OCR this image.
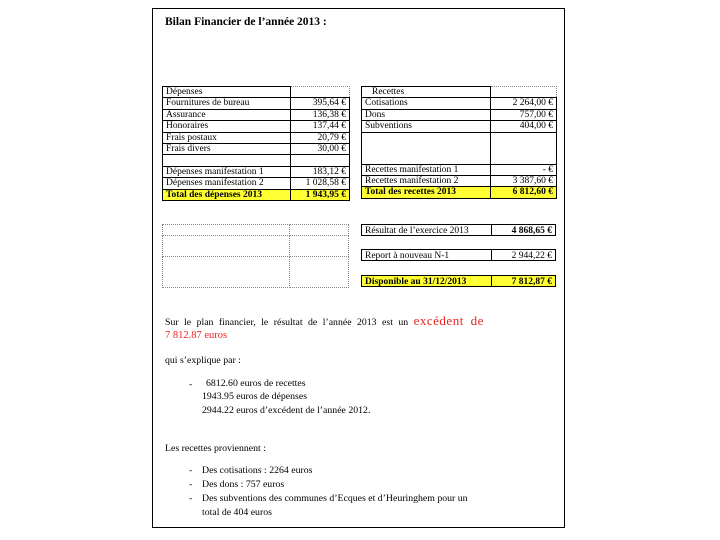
Bilan Financier de l’année 2013 :
Dépenses	
Fournitures de bureau	395,64 €
Assurance	136,38 €
Honoraires	137,44 €
Frais postaux	20,79 €
Frais divers	30,00 €

Dépenses manifestation 1	183,12 €
Dépenses manifestation 2	1 028,58 €
Total des dépenses 2013	1 943,95 €
Recettes	
Cotisations	2 264,00 €
Dons	757,00 €
Subventions	404,00 €

Recettes manifestation 1	- €
Recettes manifestation 2	3 387,60 €
Total des recettes 2013	6 812,60 €
Résultat de l’exercice 2013	4 868,65 €
Report à nouveau N-1	2 944,22 €
Disponible au 31/12/2013	7 812,87 €
Sur le plan financier, le résultat de l’année 2013 est un excédent de
7 812.87 euros
qui s’explique par :
- 6812.60 euros de recettes
1943.95 euros de dépenses
2944.22 euros d’excédent de l’année 2012.
Les recettes proviennent :
- Des cotisations : 2264 euros
- Des dons : 757 euros
- Des subventions des communes d’Ecques et d’Heuringhem pour un
total de 404 euros
